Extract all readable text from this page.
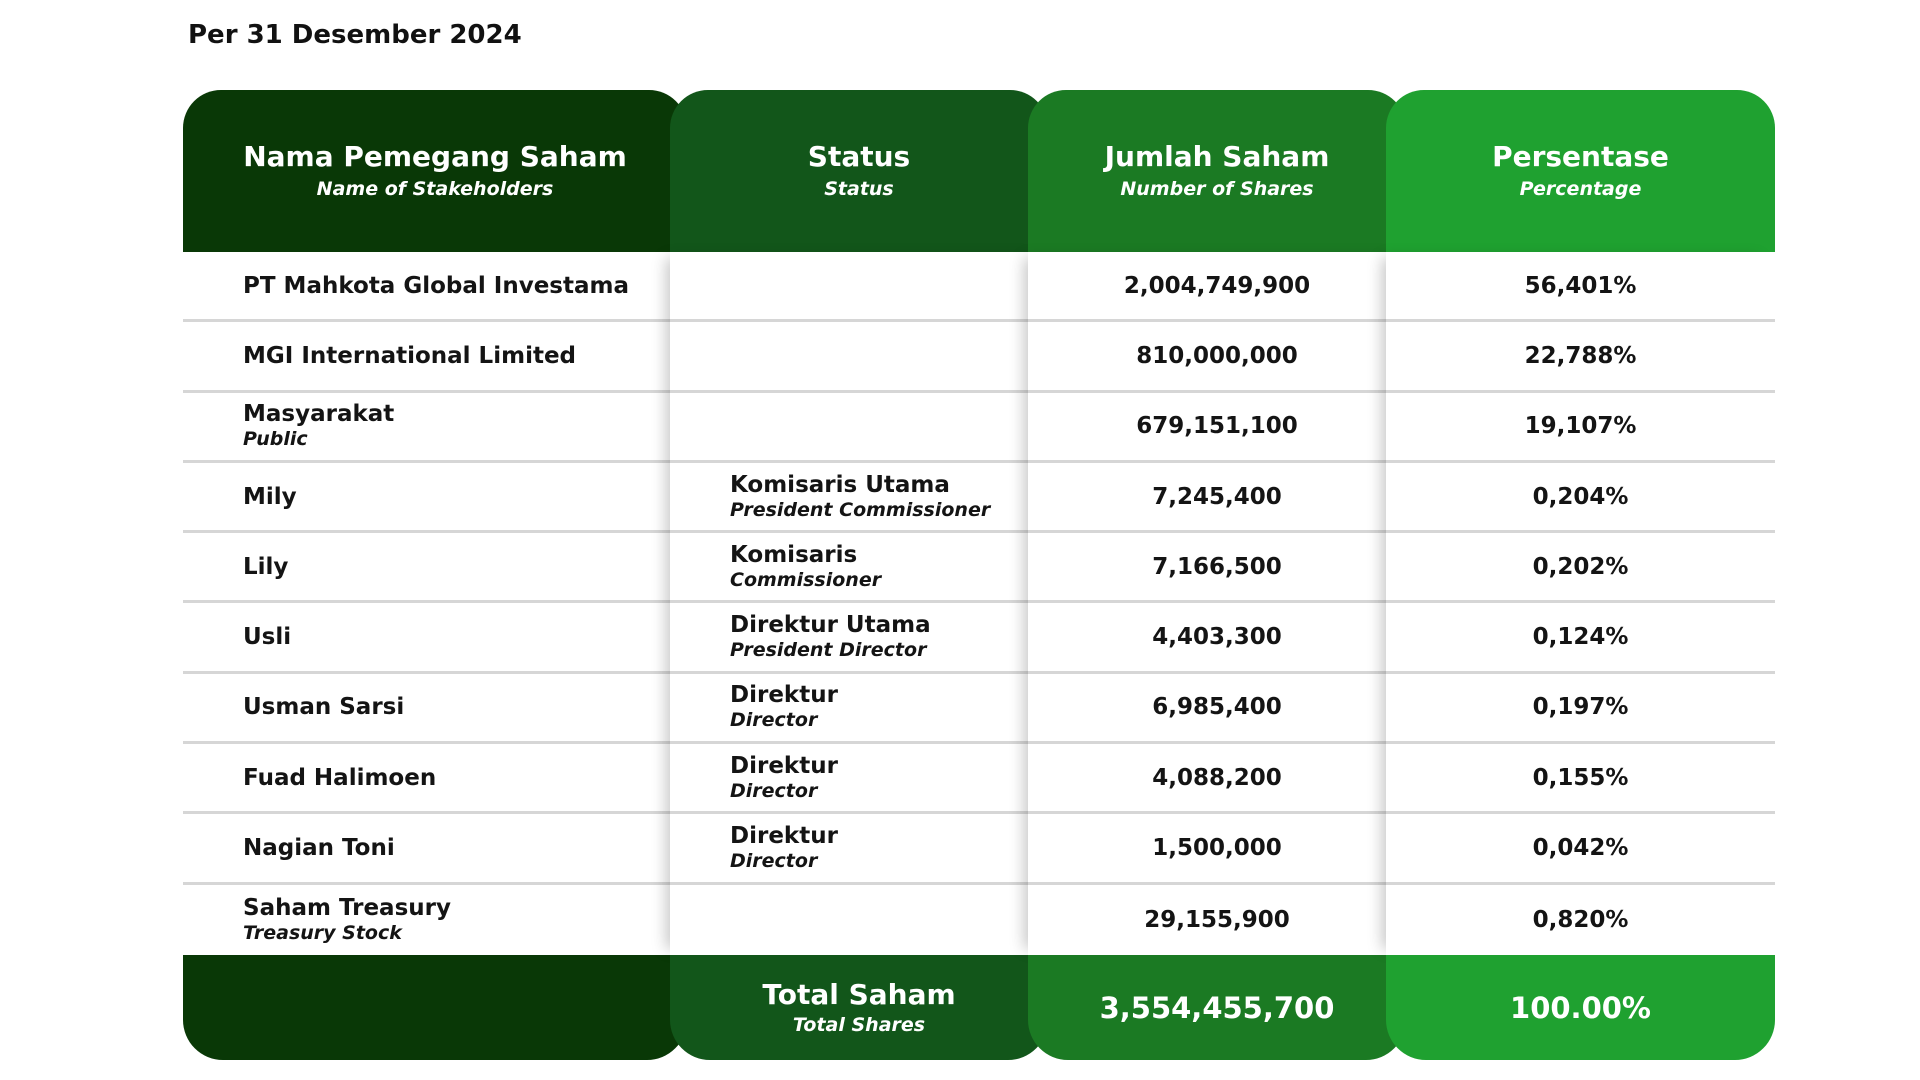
Per 31 Desember 2024
Nama Pemegang Saham
Name of Stakeholders
PT Mahkota Global Investama
MGI International Limited
Masyarakat
Public
Mily
Lily
Usli
Usman Sarsi
Fuad Halimoen
Nagian Toni
Saham Treasury
Treasury Stock
Status
Status
Komisaris Utama
President Commissioner
Komisaris
Commissioner
Direktur Utama
President Director
Direktur
Director
Direktur
Director
Direktur
Director
Total Saham
Total Shares
Jumlah Saham
Number of Shares
2,004,749,900
810,000,000
679,151,100
7,245,400
7,166,500
4,403,300
6,985,400
4,088,200
1,500,000
29,155,900
3,554,455,700
Persentase
Percentage
56,401%
22,788%
19,107%
0,204%
0,202%
0,124%
0,197%
0,155%
0,042%
0,820%
100.00%
